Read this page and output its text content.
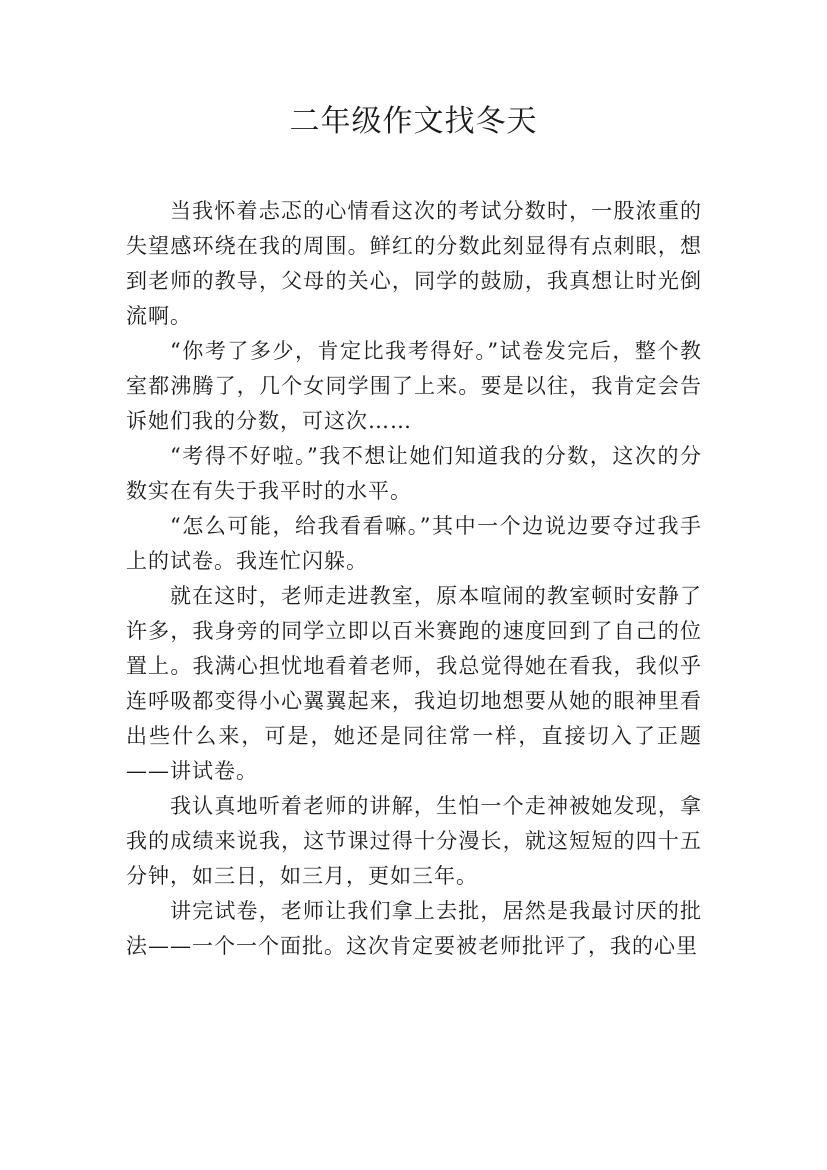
二年级作文找冬天

当我怀着忐忑的心情看这次的考试分数时，一股浓重的失望感环绕在我的周围。鲜红的分数此刻显得有点刺眼，想到老师的教导，父母的关心，同学的鼓励，我真想让时光倒流啊。

“你考了多少，肯定比我考得好。”试卷发完后，整个教室都沸腾了，几个女同学围了上来。要是以往，我肯定会告诉她们我的分数，可这次……

“考得不好啦。”我不想让她们知道我的分数，这次的分数实在有失于我平时的水平。

“怎么可能，给我看看嘛。”其中一个边说边要夺过我手上的试卷。我连忙闪躲。

就在这时，老师走进教室，原本喧闹的教室顿时安静了许多，我身旁的同学立即以百米赛跑的速度回到了自己的位置上。我满心担忧地看着老师，我总觉得她在看我，我似乎连呼吸都变得小心翼翼起来，我迫切地想要从她的眼神里看出些什么来，可是，她还是同往常一样，直接切入了正题——讲试卷。

我认真地听着老师的讲解，生怕一个走神被她发现，拿我的成绩来说我，这节课过得十分漫长，就这短短的四十五分钟，如三日，如三月，更如三年。

讲完试卷，老师让我们拿上去批，居然是我最讨厌的批法——一个一个面批。这次肯定要被老师批评了，我的心里
